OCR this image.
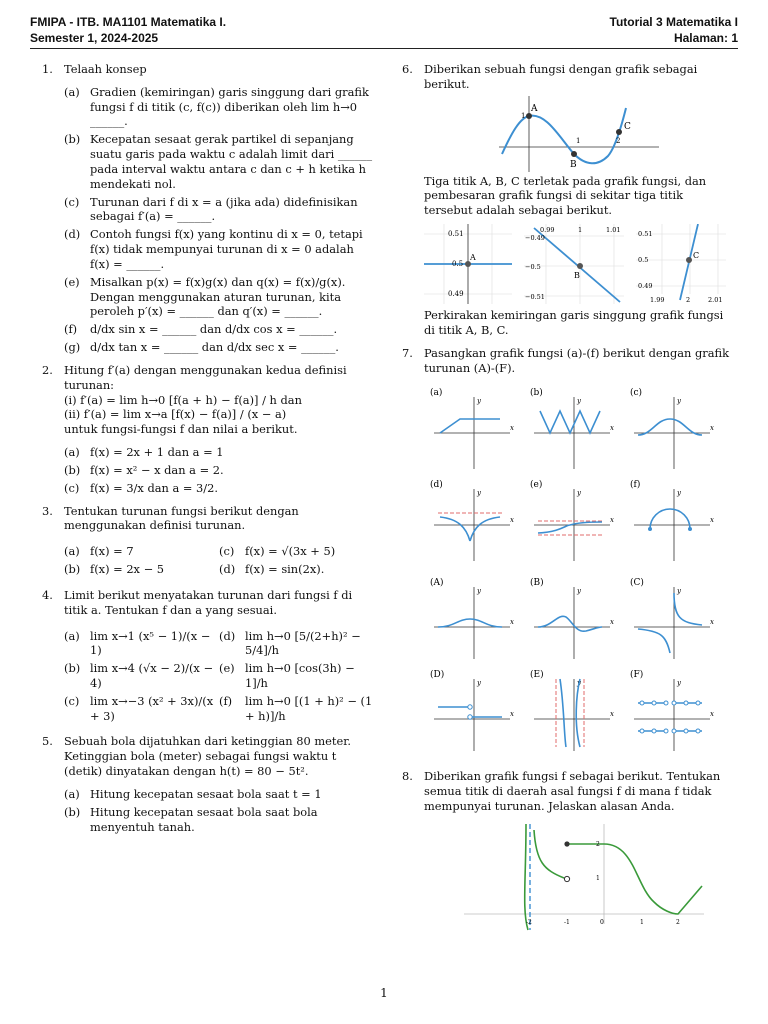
FMIPA - ITB. MA1101 Matematika I.
Semester 1, 2024-2025
Tutorial 3 Matematika I
Halaman: 1
1. Telaah konsep
(a) Gradien (kemiringan) garis singgung dari grafik fungsi f di titik (c, f(c)) diberikan oleh lim h→0 ______.
(b) Kecepatan sesaat gerak partikel di sepanjang suatu garis pada waktu c adalah limit dari ______ pada interval waktu antara c dan c + h ketika h mendekati nol.
(c) Turunan dari f di x = a (jika ada) didefinisikan sebagai f′(a) = ______.
(d) Contoh fungsi f(x) yang kontinu di x = 0, tetapi f(x) tidak mempunyai turunan di x = 0 adalah f(x) = ______.
(e) Misalkan p(x) = f(x)g(x) dan q(x) = f(x)/g(x). Dengan menggunakan aturan turunan, kita peroleh p′(x) = ______ dan q′(x) = ______.
(f) d/dx sin x = ______ dan d/dx cos x = ______.
(g) d/dx tan x = ______ dan d/dx sec x = ______.
2. Hitung f′(a) dengan menggunakan kedua definisi turunan:
(i) f′(a) = lim h→0 [f(a + h) − f(a)] / h dan
(ii) f′(a) = lim x→a [f(x) − f(a)] / (x − a)
untuk fungsi-fungsi f dan nilai a berikut.
(a) f(x) = 2x + 1 dan a = 1
(b) f(x) = x² − x dan a = 2.
(c) f(x) = 3/x dan a = 3/2.
3. Tentukan turunan fungsi berikut dengan menggunakan definisi turunan.
(a) f(x) = 7
(b) f(x) = 2x − 5
(c) f(x) = √(3x + 5)
(d) f(x) = sin(2x).
4. Limit berikut menyatakan turunan dari fungsi f di titik a. Tentukan f dan a yang sesuai.
(a) lim x→1 (x⁵ − 1)/(x − 1)
(b) lim x→4 (√x − 2)/(x − 4)
(c) lim x→−3 (x² + 3x)/(x + 3)
(d) lim h→0 [5/(2+h)² − 5/4]/h
(e) lim h→0 [cos(3h) − 1]/h
(f) lim h→0 [(1 + h)² − (1 + h)]/h
5. Sebuah bola dijatuhkan dari ketinggian 80 meter. Ketinggian bola (meter) sebagai fungsi waktu t (detik) dinyatakan dengan h(t) = 80 − 5t².
(a) Hitung kecepatan sesaat bola saat t = 1
(b) Hitung kecepatan sesaat bola saat bola menyentuh tanah.
6. Diberikan sebuah fungsi dengan grafik sebagai berikut.
A
B
C
1
1	2
Tiga titik A, B, C terletak pada grafik fungsi, dan pembesaran grafik fungsi di sekitar tiga titik tersebut adalah sebagai berikut.
A
0.51
0.5
0.49
B
0.99	1	1.01
−0.49
−0.5
−0.51
C
0.51
0.5
0.49
1.99	2	2.01
Perkirakan kemiringan garis singgung grafik fungsi di titik A, B, C.
7. Pasangkan grafik fungsi (a)-(f) berikut dengan grafik turunan (A)-(F).
(a)
x
y
(b)
x
y
(c)
x
y
(d)
x
y
(e)
x
y
(f)
x
y
(A)
x
y
(B)
x
y
(C)
x
y
(D)
x
y
(E)
x
y
(F)
x
y
8. Diberikan grafik fungsi f sebagai berikut. Tentukan semua titik di daerah asal fungsi f di mana f tidak mempunyai turunan. Jelaskan alasan Anda.
-2	-1	0	1	2
2
1
1
